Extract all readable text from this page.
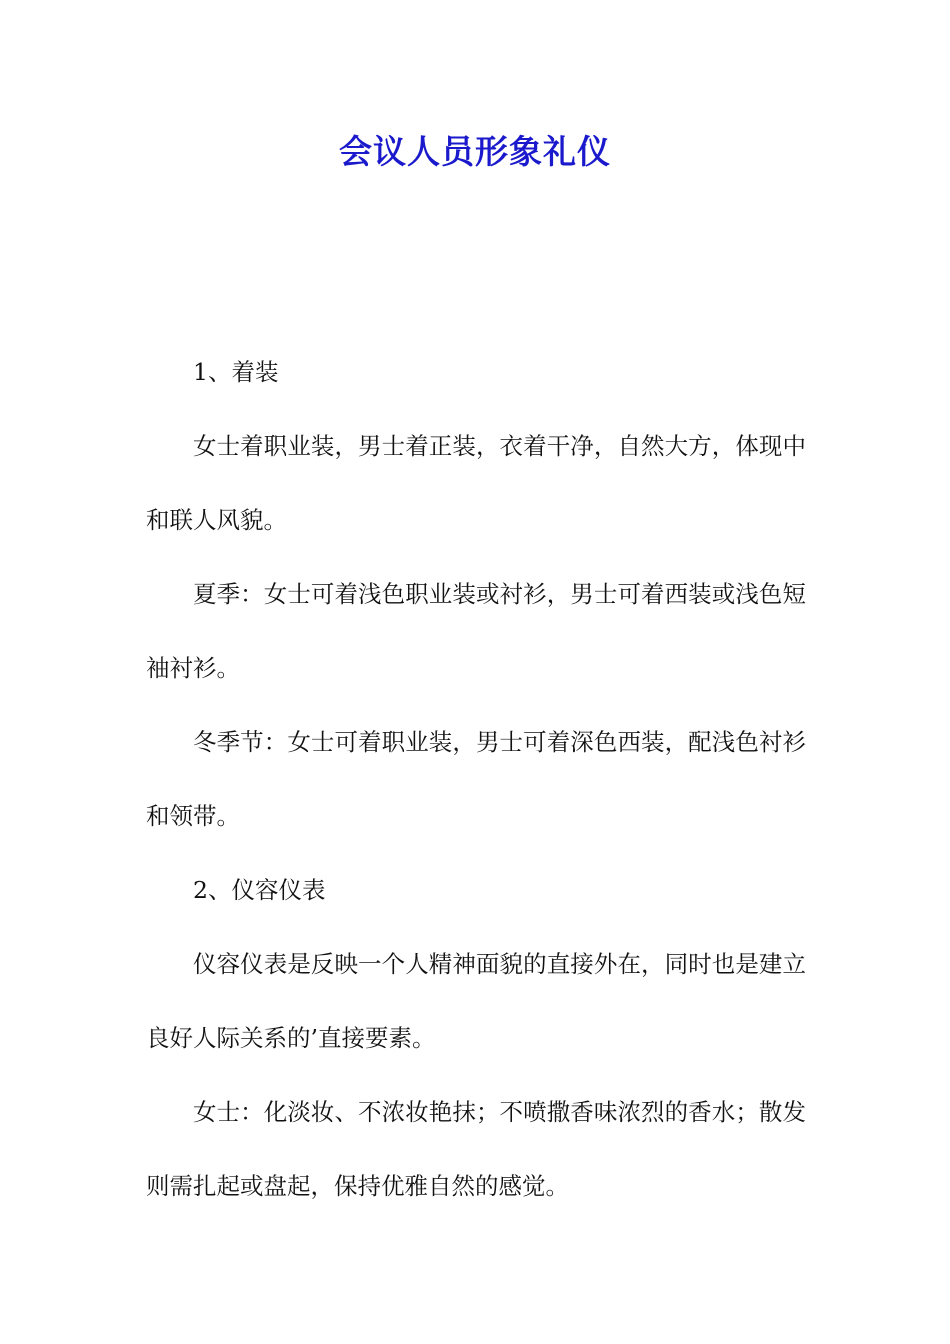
会议人员形象礼仪

1、着装

女士着职业装，男士着正装，衣着干净，自然大方，体现中和联人风貌。

夏季：女士可着浅色职业装或衬衫，男士可着西装或浅色短袖衬衫。

冬季节：女士可着职业装，男士可着深色西装，配浅色衬衫和领带。

2、仪容仪表

仪容仪表是反映一个人精神面貌的直接外在，同时也是建立良好人际关系的’直接要素。

女士：化淡妆、不浓妆艳抹；不喷撒香味浓烈的香水；散发则需扎起或盘起，保持优雅自然的感觉。
